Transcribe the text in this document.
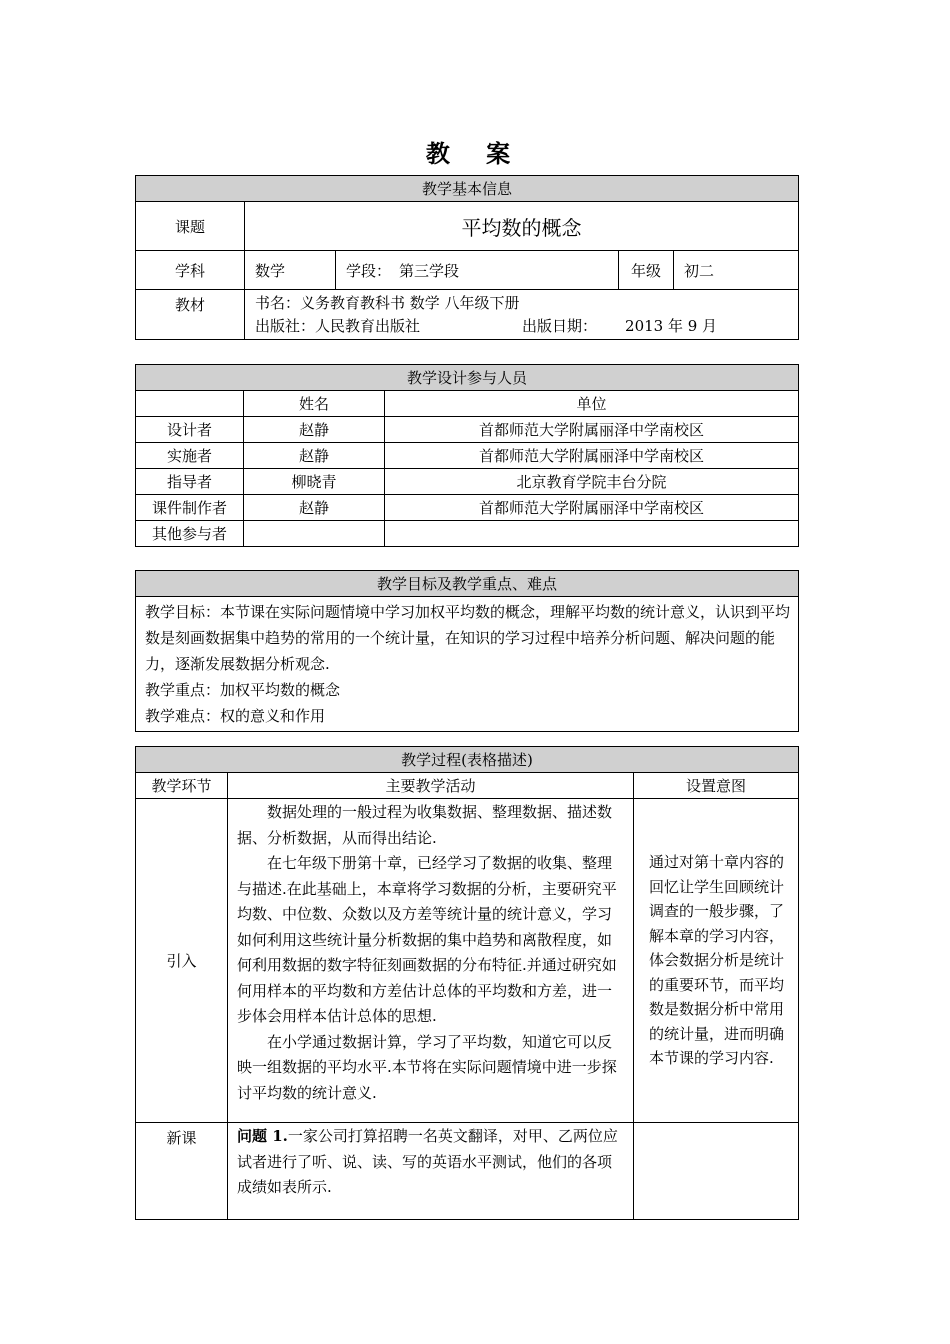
教 案
教学基本信息				
课题	平均数的概念			
学科	数学	学段： 第三学段	年级	初二
教材	书名：义务教育教科书 数学 八年级下册
出版社：人民教育出版社 出版日期： 2013 年 9 月			
教学设计参与人员		
	姓名	单位
设计者	赵静	首都师范大学附属丽泽中学南校区
实施者	赵静	首都师范大学附属丽泽中学南校区
指导者	柳晓青	北京教育学院丰台分院
课件制作者	赵静	首都师范大学附属丽泽中学南校区
其他参与者		
教学目标及教学重点、难点

教学目标：本节课在实际问题情境中学习加权平均数的概念，理解平均数的统计意义，认识到平均数是刻画数据集中趋势的常用的一个统计量，在知识的学习过程中培养分析问题、解决问题的能力，逐渐发展数据分析观念.
教学重点：加权平均数的概念
教学难点：权的意义和作用
教学过程(表格描述)		
教学环节	主要教学活动	设置意图
引入	数据处理的一般过程为收集数据、整理数据、描述数据、分析数据，从而得出结论.
在七年级下册第十章，已经学习了数据的收集、整理与描述.在此基础上，本章将学习数据的分析，主要研究平均数、中位数、众数以及方差等统计量的统计意义，学习如何利用这些统计量分析数据的集中趋势和离散程度，如何利用数据的数字特征刻画数据的分布特征.并通过研究如何用样本的平均数和方差估计总体的平均数和方差，进一步体会用样本估计总体的思想.
在小学通过数据计算，学习了平均数，知道它可以反映一组数据的平均水平.本节将在实际问题情境中进一步探讨平均数的统计意义.	通过对第十章内容的回忆让学生回顾统计调查的一般步骤，了解本章的学习内容，体会数据分析是统计的重要环节，而平均数是数据分析中常用的统计量，进而明确本节课的学习内容.
新课	问题 1.一家公司打算招聘一名英文翻译，对甲、乙两位应试者进行了听、说、读、写的英语水平测试，他们的各项成绩如表所示.	
